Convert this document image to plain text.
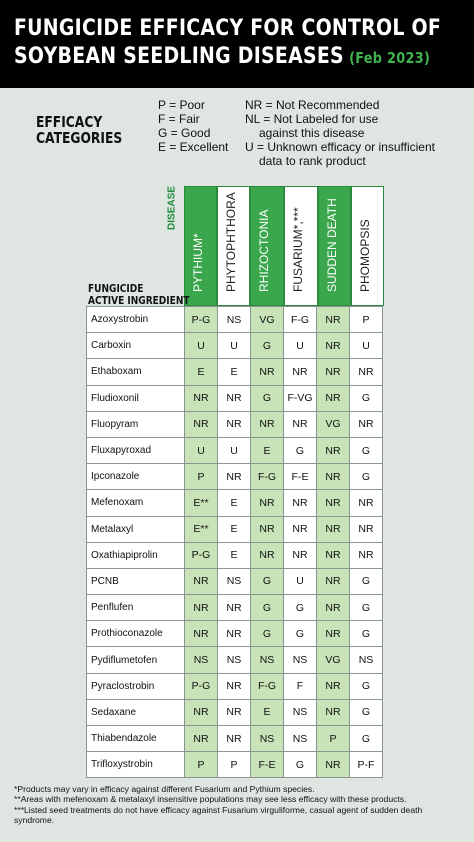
FUNGICIDE EFFICACY FOR CONTROL OF
SOYBEAN SEEDLING DISEASES (Feb 2023)
EFFICACY
CATEGORIES
P = Poor
F = Fair
G = Good
E = Excellent
NR = Not Recommended
NL = Not Labeled for use
against this disease
U = Unknown efficacy or insufficient
data to rank product
DISEASE
PYTHIUM* PHYTOPHTHORA RHIZOCTONIA FUSARIUM*,*** SUDDEN DEATH PHOMOPSIS
FUNGICIDE
ACTIVE INGREDIENT
Azoxystrobin	P-G	NS	VG	F-G	NR	P
Carboxin	U	U	G	U	NR	U
Ethaboxam	E	E	NR	NR	NR	NR
Fludioxonil	NR	NR	G	F-VG	NR	G
Fluopyram	NR	NR	NR	NR	VG	NR
Fluxapyroxad	U	U	E	G	NR	G
Ipconazole	P	NR	F-G	F-E	NR	G
Mefenoxam	E**	E	NR	NR	NR	NR
Metalaxyl	E**	E	NR	NR	NR	NR
Oxathiapiprolin	P-G	E	NR	NR	NR	NR
PCNB	NR	NS	G	U	NR	G
Penflufen	NR	NR	G	G	NR	G
Prothioconazole	NR	NR	G	G	NR	G
Pydiflumetofen	NS	NS	NS	NS	VG	NS
Pyraclostrobin	P-G	NR	F-G	F	NR	G
Sedaxane	NR	NR	E	NS	NR	G
Thiabendazole	NR	NR	NS	NS	P	G
Trifloxystrobin	P	P	F-E	G	NR	P-F
*Products may vary in efficacy against different Fusarium and Pythium species.
**Areas with mefenoxam & metalaxyl insensitive populations may see less efficacy with these products.
***Listed seed treatments do not have efficacy against Fusarium virguliforme, casual agent of sudden death syndrome.
